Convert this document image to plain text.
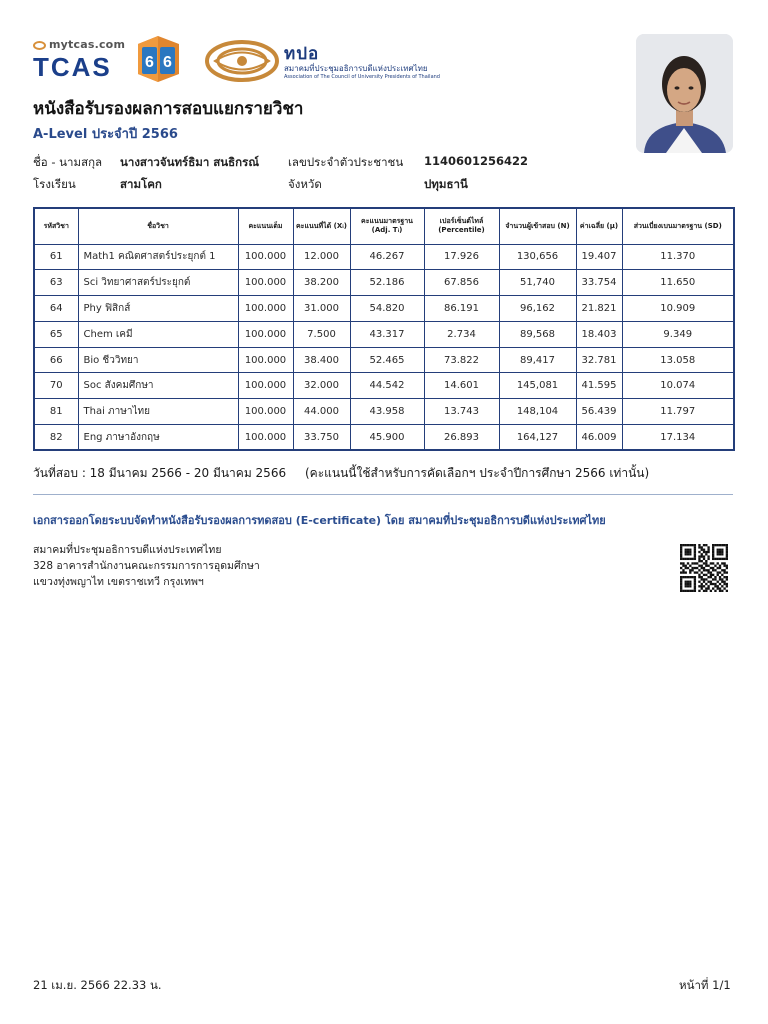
mytcas.com
TCAS 6 6	ทปอ
สมาคมที่ประชุมอธิการบดีแห่งประเทศไทย
Association of The Council of University Presidents of Thailand
หนังสือรับรองผลการสอบแยกรายวิชา
A-Level ประจำปี 2566
ชื่อ - นามสกุล นางสาวจันทร์ธิมา สนธิกรณ์	เลขประจำตัวประชาชน 1140601256422
โรงเรียน	สามโคก	จังหวัด	ปทุมธานี
รหัสวิชา	ชื่อวิชา	คะแนนเต็ม	คะแนนที่ได้ (Xᵢ)	คะแนนมาตรฐาน (Adj. Tᵢ)	เปอร์เซ็นต์ไทล์ (Percentile)	จำนวนผู้เข้าสอบ (N)	ค่าเฉลี่ย (μ)	ส่วนเบี่ยงเบนมาตรฐาน (SD)
61	Math1 คณิตศาสตร์ประยุกต์ 1	100.000	12.000	46.267	17.926	130,656	19.407	11.370
63	Sci วิทยาศาสตร์ประยุกต์	100.000	38.200	52.186	67.856	51,740	33.754	11.650
64	Phy ฟิสิกส์	100.000	31.000	54.820	86.191	96,162	21.821	10.909
65	Chem เคมี	100.000	7.500	43.317	2.734	89,568	18.403	9.349
66	Bio ชีววิทยา	100.000	38.400	52.465	73.822	89,417	32.781	13.058
70	Soc สังคมศึกษา	100.000	32.000	44.542	14.601	145,081	41.595	10.074
81	Thai ภาษาไทย	100.000	44.000	43.958	13.743	148,104	56.439	11.797
82	Eng ภาษาอังกฤษ	100.000	33.750	45.900	26.893	164,127	46.009	17.134
วันที่สอบ : 18 มีนาคม 2566 - 20 มีนาคม 2566 (คะแนนนี้ใช้สำหรับการคัดเลือกฯ ประจำปีการศึกษา 2566 เท่านั้น)
เอกสารออกโดยระบบจัดทำหนังสือรับรองผลการทดสอบ (E-certificate) โดย สมาคมที่ประชุมอธิการบดีแห่งประเทศไทย
สมาคมที่ประชุมอธิการบดีแห่งประเทศไทย
328 อาคารสำนักงานคณะกรรมการการอุดมศึกษา
แขวงทุ่งพญาไท เขตราชเทวี กรุงเทพฯ
21 เม.ย. 2566 22.33 น.	หน้าที่ 1/1
